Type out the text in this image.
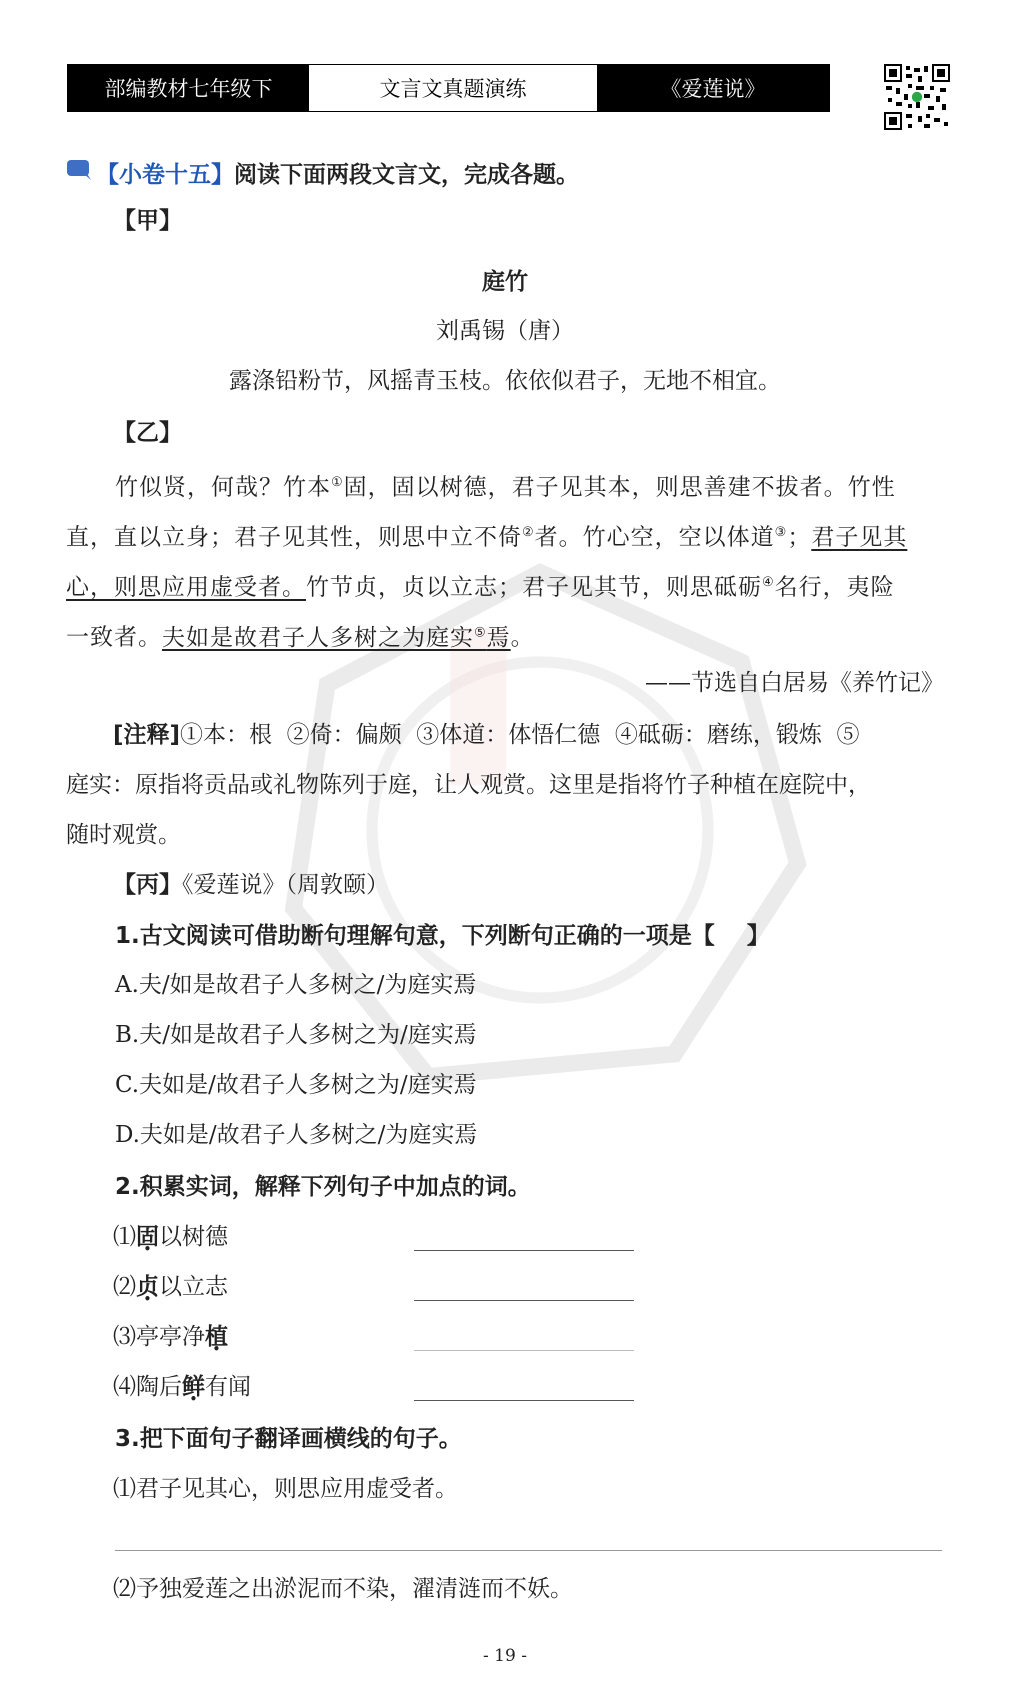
部编教材七年级下	文言文真题演练	《爱莲说》
【小卷十五】阅读下面两段文言文，完成各题。
【甲】
庭竹
刘禹锡（唐）
露涤铅粉节，风摇青玉枝。依依似君子，无地不相宜。
【乙】
竹似贤，何哉？竹本①固，固以树德，君子见其本，则思善建不拔者。竹性
直，直以立身；君子见其性，则思中立不倚②者。竹心空，空以体道③；君子见其
心，则思应用虚受者。竹节贞，贞以立志；君子见其节，则思砥砺④名行，夷险
一致者。夫如是故君子人多树之为庭实⑤焉。
——节选自白居易《养竹记》
[注释]①本：根  ②倚：偏颇  ③体道：体悟仁德  ④砥砺：磨练，锻炼  ⑤
庭实：原指将贡品或礼物陈列于庭，让人观赏。这里是指将竹子种植在庭院中，
随时观赏。
【丙】《爱莲说》（周敦颐）
1.古文阅读可借助断句理解句意，下列断句正确的一项是【    】
A.夫/如是故君子人多树之/为庭实焉
B.夫/如是故君子人多树之为/庭实焉
C.夫如是/故君子人多树之为/庭实焉
D.夫如是/故君子人多树之/为庭实焉
2.积累实词，解释下列句子中加点的词。
⑴固以树德
⑵贞以立志
⑶亭亭净植
⑷陶后鲜有闻
3.把下面句子翻译画横线的句子。
⑴君子见其心，则思应用虚受者。
⑵予独爱莲之出淤泥而不染，濯清涟而不妖。
- 19 -
